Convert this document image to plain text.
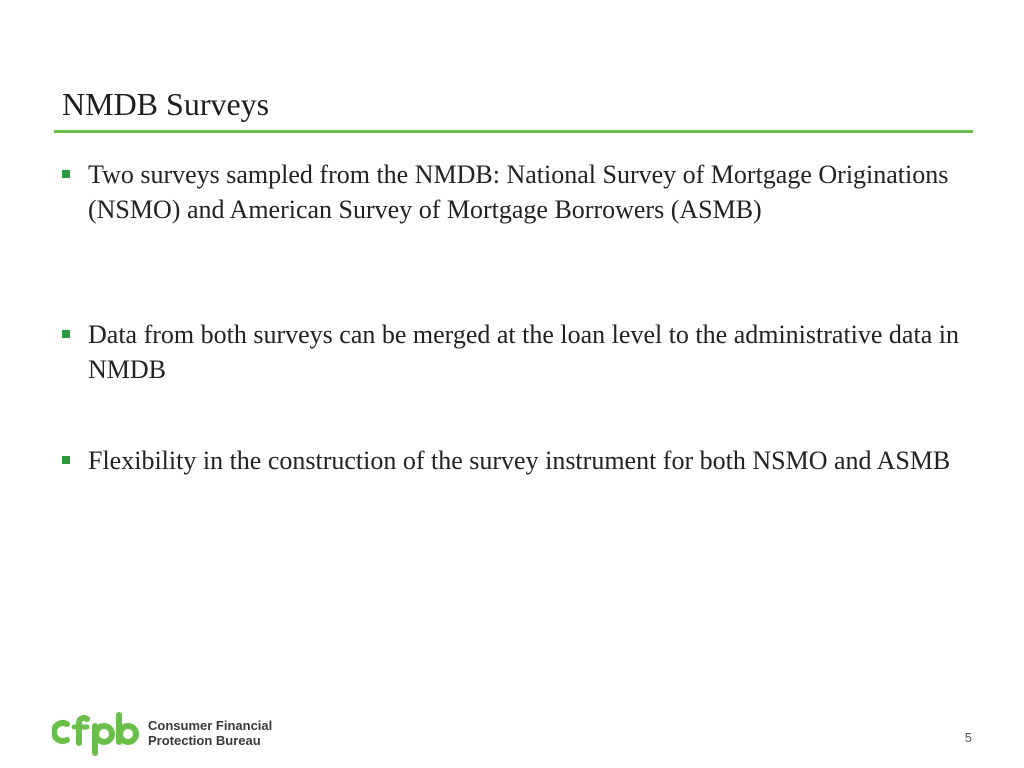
NMDB Surveys
Two surveys sampled from the NMDB: National Survey of Mortgage Originations (NSMO) and American Survey of Mortgage Borrowers (ASMB)
Data from both surveys can be merged at the loan level to the administrative data in NMDB
Flexibility in the construction of the survey instrument for both NSMO and ASMB
Consumer Financial
Protection Bureau	5
